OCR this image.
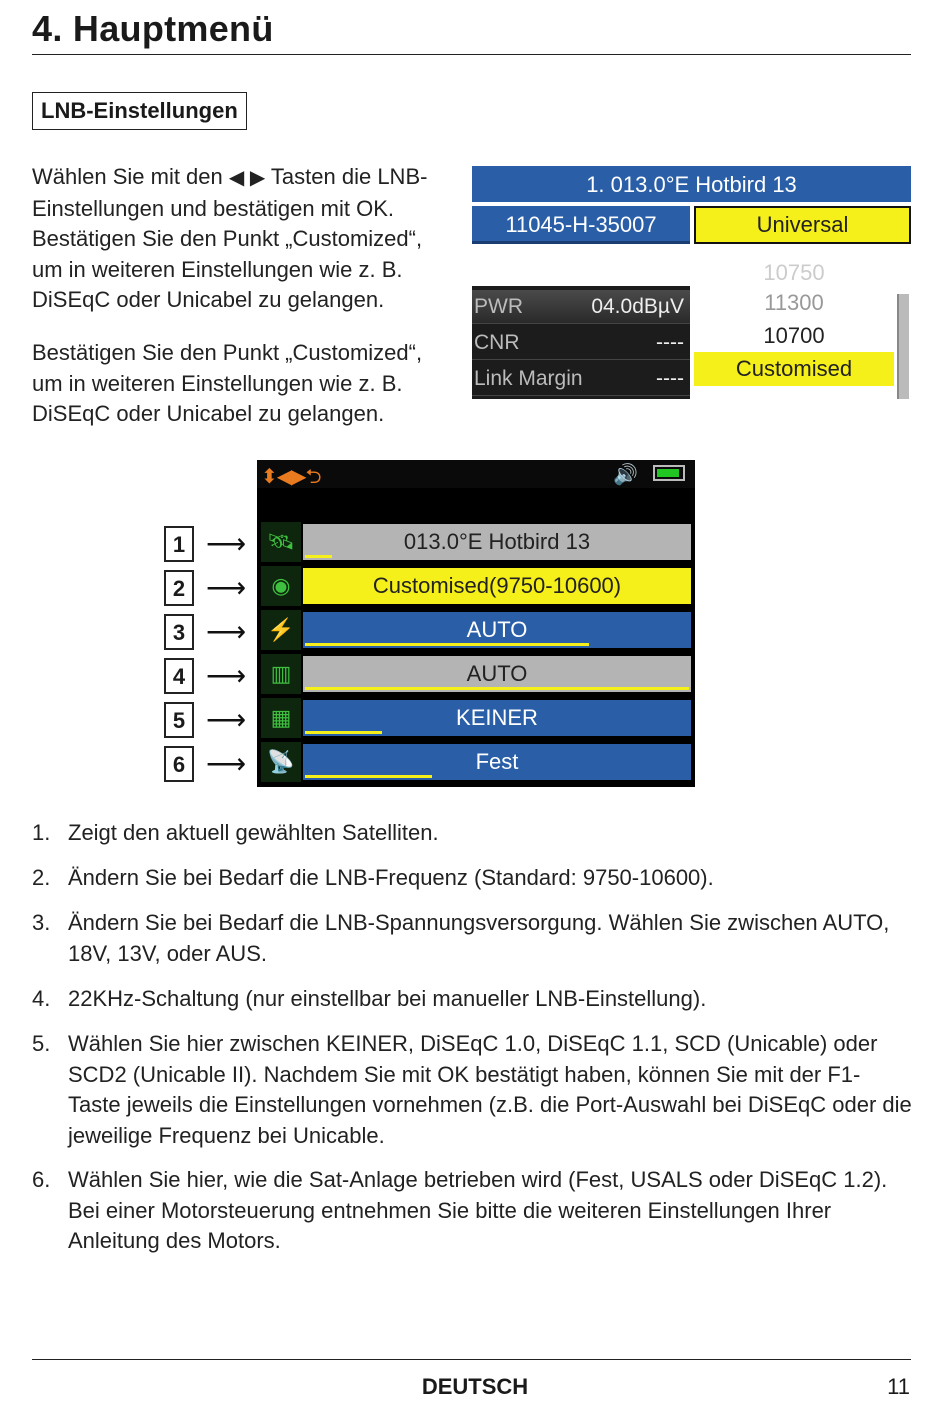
4. Hauptmenü
LNB-Einstellungen
Wählen Sie mit den ◀ ▶ Tasten die LNB-Einstellungen und bestätigen mit OK. Bestätigen Sie den Punkt „Customized“, um in weiteren Einstellungen wie z. B. DiSEqC oder Unicabel zu gelangen.
Bestätigen Sie den Punkt „Customized“, um in weiteren Einstellungen wie z. B. DiSEqC oder Unicabel zu gelangen.
1. 013.0°E Hotbird 13
11045-H-35007	Universal
PWR	04.0dBµV
CNR	----
Link Margin	----
10750
11300
10700
Customised
⬍◀▶⮌	🔊
🛰	013.0°E Hotbird 13
◉	Customised(9750-10600)
⚡	AUTO
▥	AUTO
▦	KEINER
📡	Fest
1 ⟶
2 ⟶
3 ⟶
4 ⟶
5 ⟶
6 ⟶
1. Zeigt den aktuell gewählten Satelliten.
2. Ändern Sie bei Bedarf die LNB-Frequenz (Standard: 9750-10600).
3. Ändern Sie bei Bedarf die LNB-Spannungsversorgung. Wählen Sie zwischen AUTO, 18V, 13V, oder AUS.
4. 22KHz-Schaltung (nur einstellbar bei manueller LNB-Einstellung).
5. Wählen Sie hier zwischen KEINER, DiSEqC 1.0, DiSEqC 1.1, SCD (Unicable) oder SCD2 (Unicable II). Nachdem Sie mit OK bestätigt haben, können Sie mit der F1-Taste jeweils die Einstellungen vornehmen (z.B. die Port-Auswahl bei DiSEqC oder die jeweilige Frequenz bei Unicable.
6. Wählen Sie hier, wie die Sat-Anlage betrieben wird (Fest, USALS oder DiSEqC 1.2). Bei einer Motorsteuerung entnehmen Sie bitte die weiteren Einstellungen Ihrer Anleitung des Motors.
DEUTSCH	11
